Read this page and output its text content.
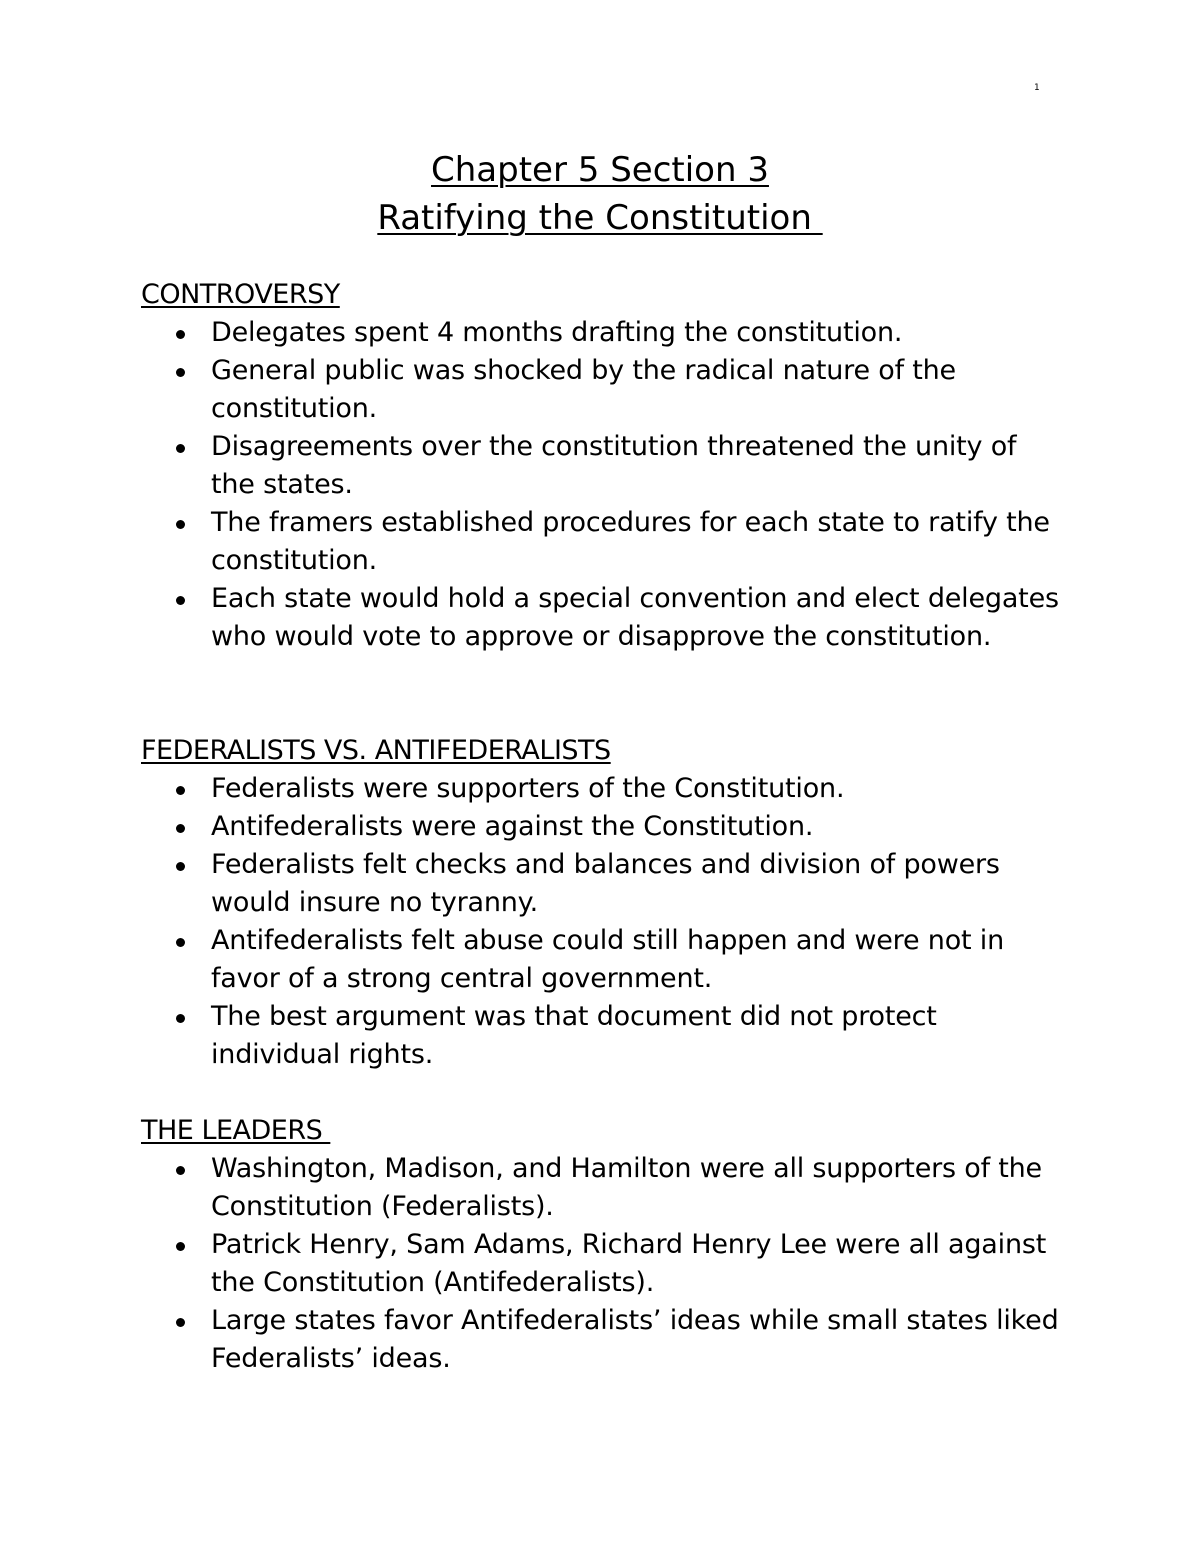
1
Chapter 5 Section 3
Ratifying the Constitution
CONTROVERSY
Delegates spent 4 months drafting the constitution.
General public was shocked by the radical nature of the constitution.
Disagreements over the constitution threatened the unity of the states.
The framers established procedures for each state to ratify the constitution.
Each state would hold a special convention and elect delegates who would vote to approve or disapprove the constitution.
FEDERALISTS VS. ANTIFEDERALISTS
Federalists were supporters of the Constitution.
Antifederalists were against the Constitution.
Federalists felt checks and balances and division of powers would insure no tyranny.
Antifederalists felt abuse could still happen and were not in favor of a strong central government.
The best argument was that document did not protect individual rights.
THE LEADERS
Washington, Madison, and Hamilton were all supporters of the Constitution (Federalists).
Patrick Henry, Sam Adams, Richard Henry Lee were all against the Constitution (Antifederalists).
Large states favor Antifederalists’ ideas while small states liked Federalists’ ideas.
